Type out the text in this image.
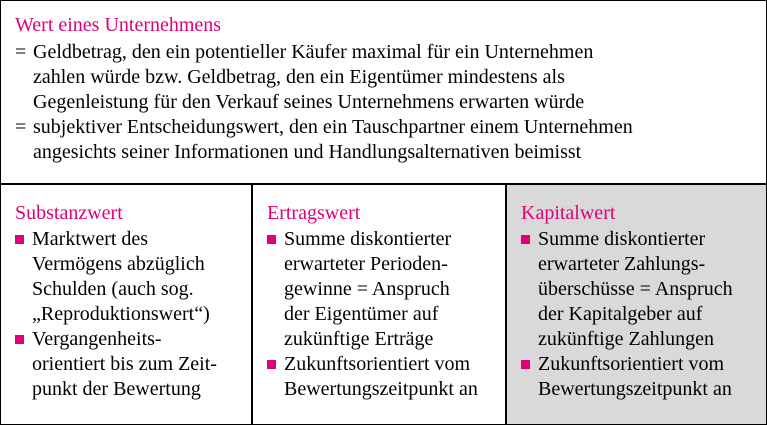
Wert eines Unternehmens
= Geldbetrag, den ein potentieller Käufer maximal für ein Unternehmen
zahlen würde bzw. Geldbetrag, den ein Eigentümer mindestens als
Gegenleistung für den Verkauf seines Unternehmens erwarten würde
= subjektiver Entscheidungswert, den ein Tauschpartner einem Unternehmen
angesichts seiner Informationen und Handlungsalternativen beimisst
Substanzwert
Marktwert des
Vermögens abzüglich
Schulden (auch sog.
„Reproduktionswert“)
Vergangenheits-
orientiert bis zum Zeit-
punkt der Bewertung
Ertragswert
Summe diskontierter
erwarteter Perioden-
gewinne = Anspruch
der Eigentümer auf
zukünftige Erträge
Zukunftsorientiert vom
Bewertungszeitpunkt an
Kapitalwert
Summe diskontierter
erwarteter Zahlungs-
überschüsse = Anspruch
der Kapitalgeber auf
zukünftige Zahlungen
Zukunftsorientiert vom
Bewertungszeitpunkt an
